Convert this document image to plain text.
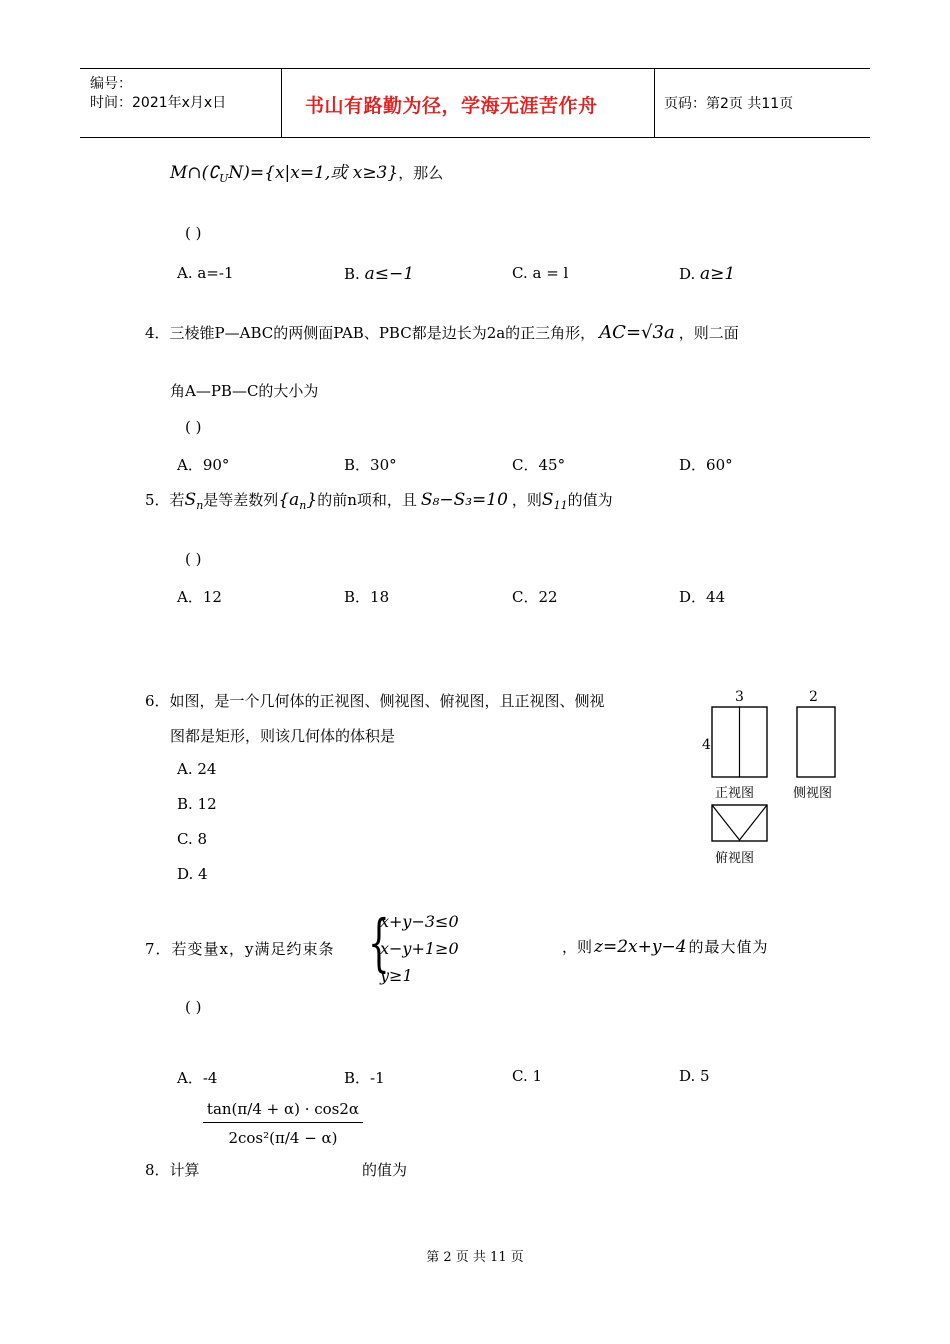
编号：
时间：2021年x月x日	书山有路勤为径，学海无涯苦作舟	页码：第2页 共11页
$M\cap(∁_UN)=\{x|x=1$,或 x≥3}，那么
( )
A. a=-1	B. a≤−1	C. a = l	D. a≥1
4．三棱锥P—ABC的两侧面PAB、PBC都是边长为2a的正三角形， AC=√3a ，则二面
角A—PB—C的大小为
( )
A．90°	B．30°	C．45°	D．60°
5．若$S_n$是等差数列$\{a_n\}$的前n项和，且 S₈−S₃=10 ，则$S_{11}$的值为
( )
A．12	B．18	C．22	D．44
6．如图，是一个几何体的正视图、侧视图、俯视图，且正视图、侧视
图都是矩形，则该几何体的体积是
A. 24
B. 12
C. 8
D. 4
3
4
2
正视图	侧视图
俯视图
7．若变量x，y满足约束条 {
x+y−3≤0
x−y+1≥0
y≥1
，则 z=2x+y−4 的最大值为
( )
A．-4	B．-1	C. 1	D. 5
tan(π/4 + α) · cos2α
2cos²(π/4 − α)
8．计算	的值为
第 2 页 共 11 页
